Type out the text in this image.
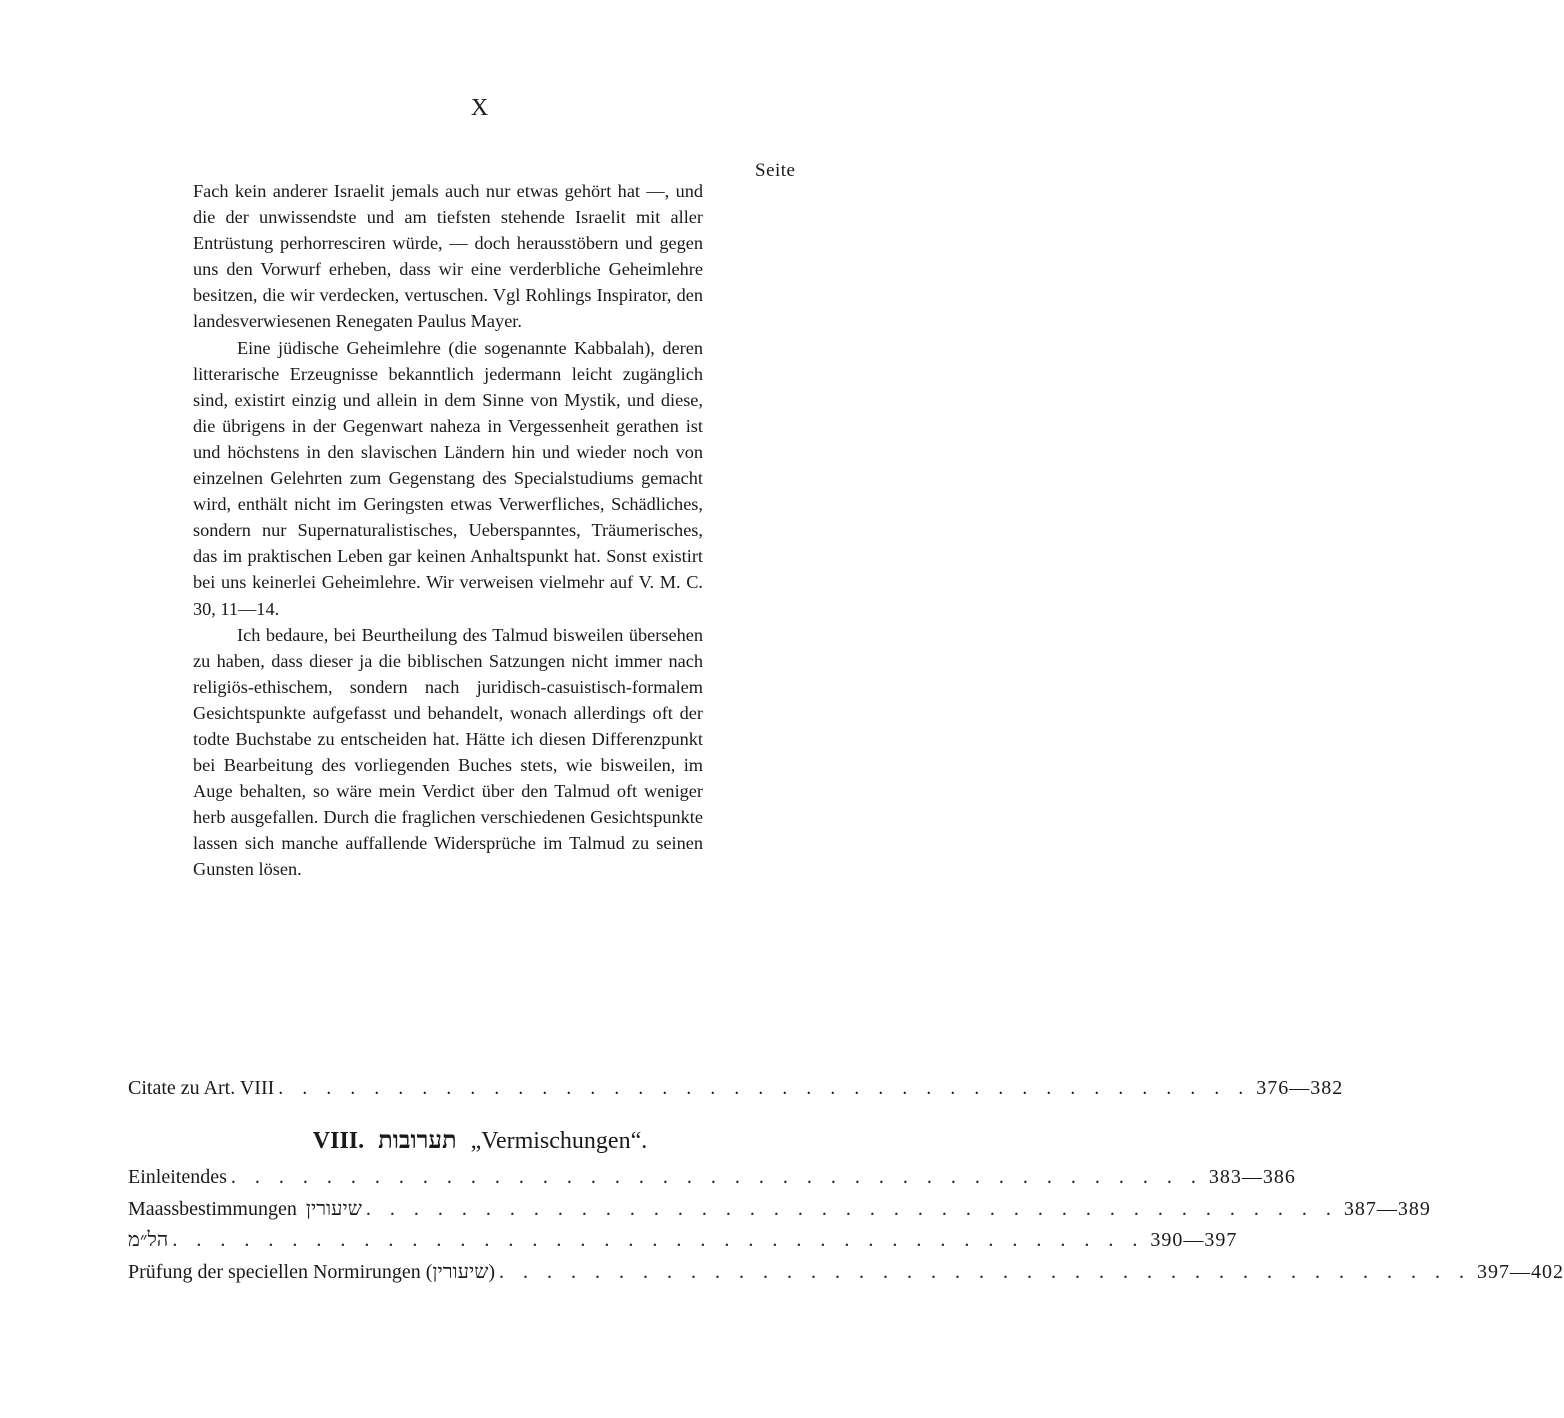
X
Seite

Fach kein anderer Israelit jemals auch nur etwas gehört hat —, und die der unwissendste und am tiefsten stehende Israelit mit aller Entrüstung perhorresciren würde, — doch herausstöbern und gegen uns den Vorwurf erheben, dass wir eine verderbliche Geheimlehre besitzen, die wir verdecken, vertuschen. Vgl Rohlings Inspirator, den landesverwiesenen Renegaten Paulus Mayer.

Eine jüdische Geheimlehre (die sogenannte Kabbalah), deren litterarische Erzeugnisse bekanntlich jedermann leicht zugänglich sind, existirt einzig und allein in dem Sinne von Mystik, und diese, die übrigens in der Gegenwart naheza in Vergessenheit gerathen ist und höchstens in den slavischen Ländern hin und wieder noch von einzelnen Gelehrten zum Gegenstang des Specialstudiums gemacht wird, enthält nicht im Geringsten etwas Verwerfliches, Schädliches, sondern nur Supernaturalistisches, Ueberspanntes, Träumerisches, das im praktischen Leben gar keinen Anhaltspunkt hat. Sonst existirt bei uns keinerlei Geheimlehre. Wir verweisen vielmehr auf V. M. C. 30, 11—14.

Ich bedaure, bei Beurtheilung des Talmud bisweilen übersehen zu haben, dass dieser ja die biblischen Satzungen nicht immer nach religiös-ethischem, sondern nach juridisch-casuistisch-formalem Gesichtspunkte aufgefasst und behandelt, wonach allerdings oft der todte Buchstabe zu entscheiden hat. Hätte ich diesen Differenzpunkt bei Bearbeitung des vorliegenden Buches stets, wie bisweilen, im Auge behalten, so wäre mein Verdict über den Talmud oft weniger herb ausgefallen. Durch die fraglichen verschiedenen Gesichtspunkte lassen sich manche auffallende Widersprüche im Talmud zu seinen Gunsten lösen.

Citate zu Art. VIII . . . . . . . . . . . . . . . . . . . . . . . . . . . . . . . . . . . . . . . . . 376—382
VIII. תערובות „Vermischungen“.
Einleitendes . . . . . . . . . . . . . . . . . . . . . . . . . . . . . . . . . . . . . . . . . 383—386
Maassbestimmungen שיעורין . . . . . . . . . . . . . . . . . . . . . . . . . . . . . . . . . . . . . . . . . 387—389
הל״מ . . . . . . . . . . . . . . . . . . . . . . . . . . . . . . . . . . . . . . . . . 390—397
Prüfung der speciellen Normirungen (שיעורין) . . . . . . . . . . . . . . . . . . . . . . . . . . . . . . . . . . . . . . . . . 397—402
